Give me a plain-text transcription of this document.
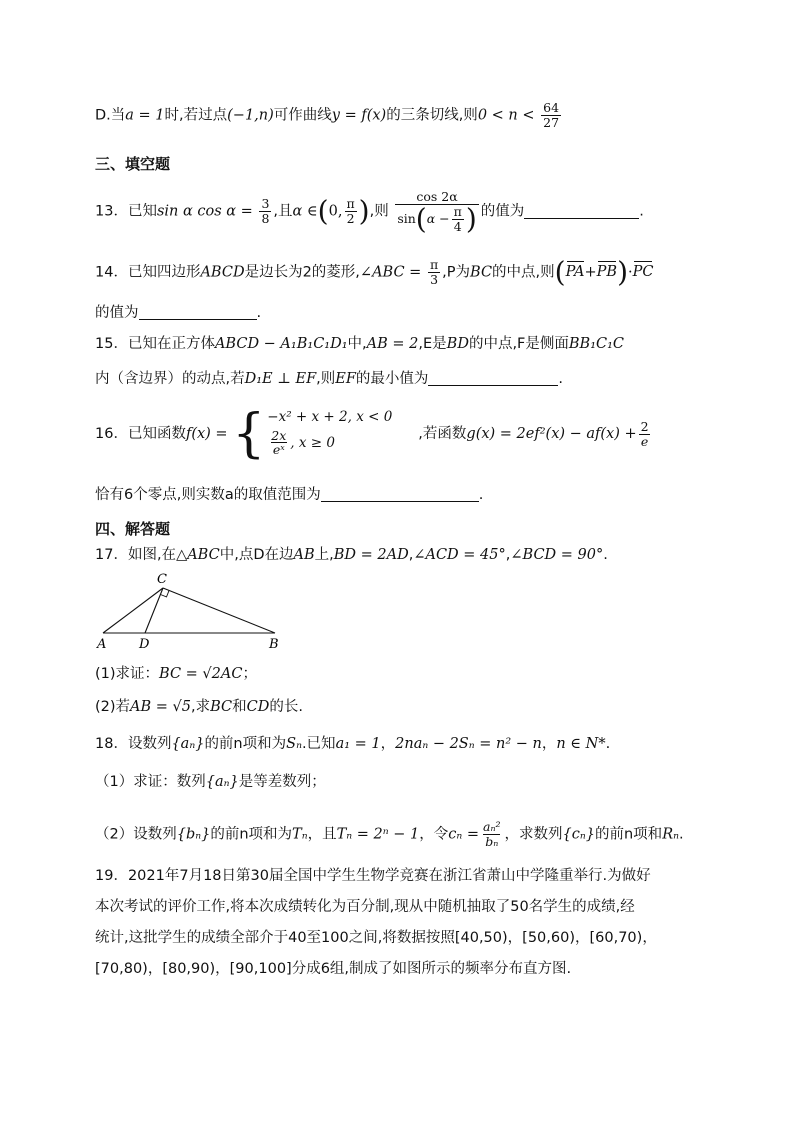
D.当a = 1时,若过点(−1,n)可作曲线y = f(x)的三条切线,则$0 < n < \frac{64}{27}$
三、填空题
13．已知sin α $\cos \alpha = \frac{3}{8}$ ,且α ∈(0, $\frac{\pi}{2}$ ),则 $\frac{\cos 2\alpha}{\sin(\alpha - \frac{\pi}{4} )}$ 的值为	.
14．已知四边形ABCD是边长为2的菱形,∠ABC = $\frac{\pi}{3} ,P$为BC的中点,则(PA+PB)·PC
的值为	.
15．已知在正方体ABCD − A₁B₁C₁D₁中,AB = 2,E是BD的中点,F是侧面BB₁C₁C
内（含边界）的动点,若D₁E ⊥ EF,则EF的最小值为	.
16．已知函数f(x) = { −x² + x + 2, x < 0
$\frac{2x}{\text{eˣ}}$ , x ≥ 0
,若函数$g(x) = 2ef^2(x) - af(x) + \frac{2}{e}$
恰有6个零点,则实数a的取值范围为	.
四、解答题
17．如图,在△ABC中,点D在边AB上,BD = 2AD,∠ACD = 45°,∠BCD = 90°.
C
A	D	B
(1)求证：BC = √2AC；
(2)若AB = √5,求BC和CD的长.
18．设数列{aₙ}的前n项和为Sₙ.已知a₁ = 1，2naₙ − 2Sₙ = n² − n，n ∈ N*.
（1）求证：数列{aₙ}是等差数列；
（2）设数列{bₙ}的前n项和为Tₙ，且Tₙ = 2ⁿ − 1，令$c_n = \frac{\text{aₙ²}}{\text{bₙ}}$ ，求数列{cₙ}的前n项和Rₙ.
19．2021年7月18日第30届全国中学生生物学竞赛在浙江省萧山中学隆重举行.为做好
本次考试的评价工作,将本次成绩转化为百分制,现从中随机抽取了50名学生的成绩,经
统计,这批学生的成绩全部介于40至100之间,将数据按照[40,50)，[50,60)，[60,70)，
[70,80)，[80,90)，[90,100]分成6组,制成了如图所示的频率分布直方图.
